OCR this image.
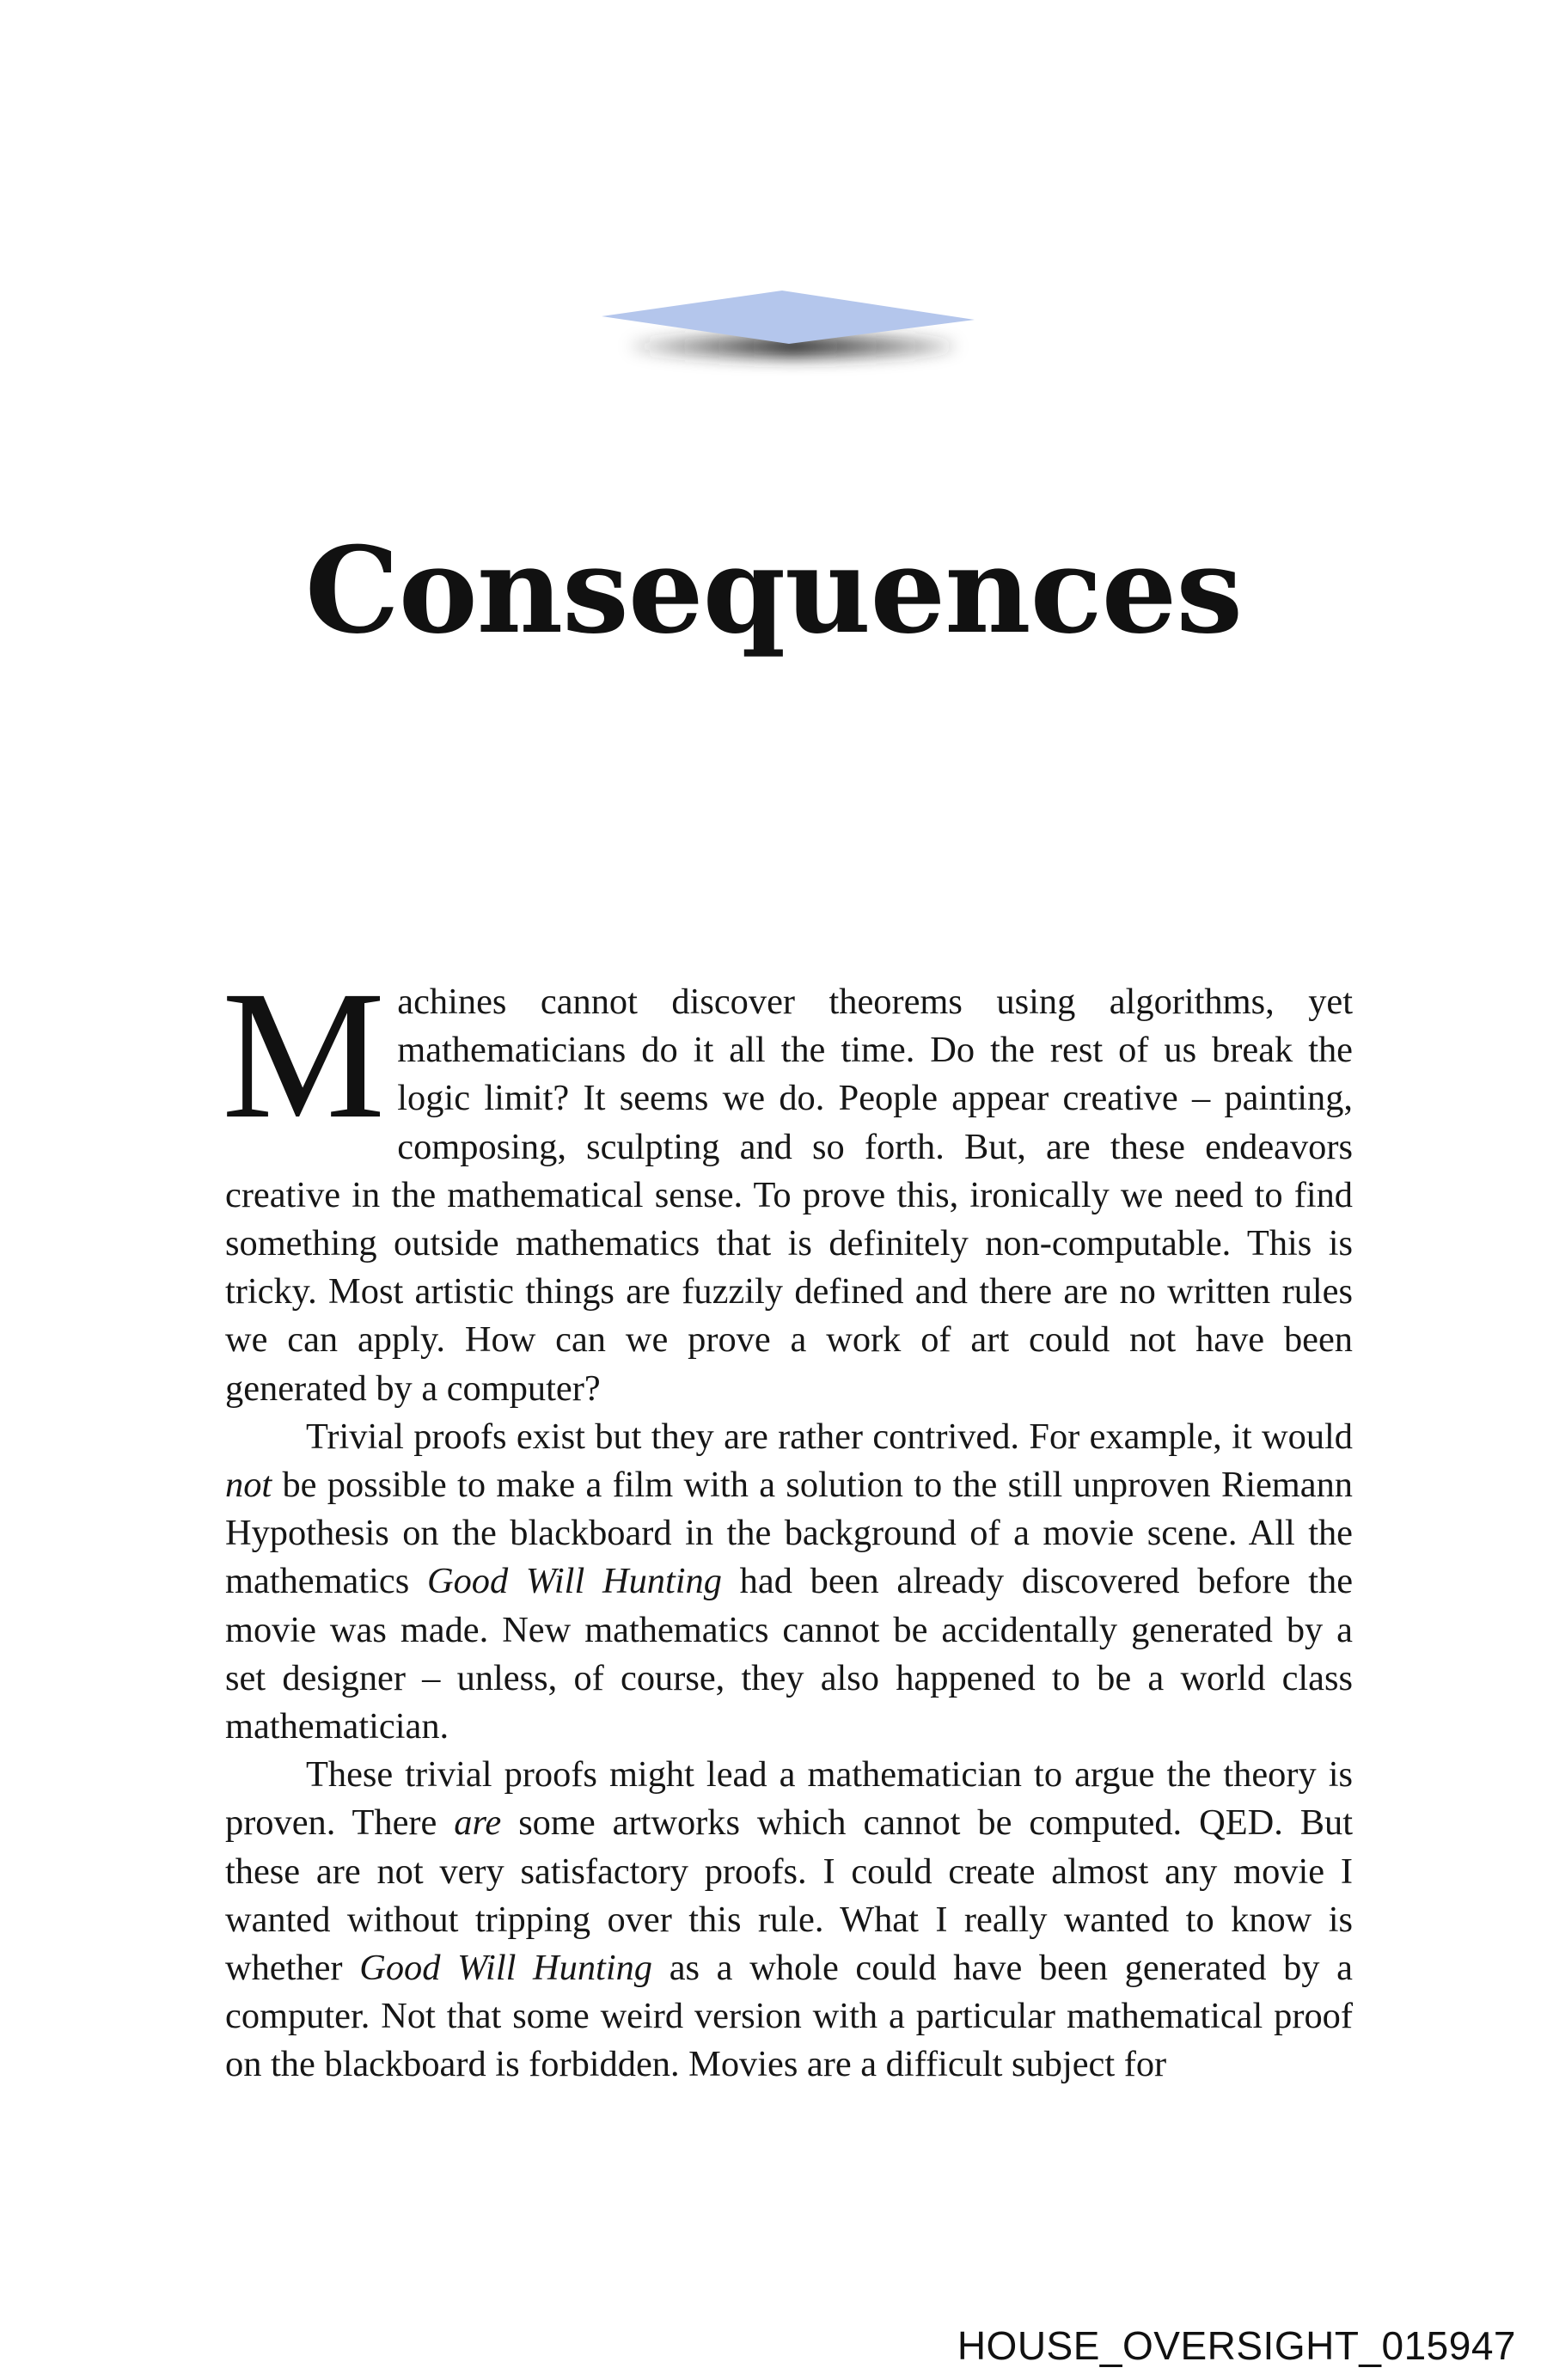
Consequences

Machines cannot discover theorems using algorithms, yet mathematicians do it all the time. Do the rest of us break the logic limit? It seems we do. People appear creative – painting, composing, sculpting and so forth. But, are these endeavors creative in the mathematical sense. To prove this, ironically we need to find something outside mathematics that is definitely non-computable. This is tricky. Most artistic things are fuzzily defined and there are no written rules we can apply. How can we prove a work of art could not have been generated by a computer?

Trivial proofs exist but they are rather contrived. For example, it would not be possible to make a film with a solution to the still unproven Riemann Hypothesis on the blackboard in the background of a movie scene. All the mathematics Good Will Hunting had been already discovered before the movie was made. New mathematics cannot be accidentally generated by a set designer – unless, of course, they also happened to be a world class mathematician.

These trivial proofs might lead a mathematician to argue the theory is proven. There are some artworks which cannot be computed. QED. But these are not very satisfactory proofs. I could create almost any movie I wanted without tripping over this rule. What I really wanted to know is whether Good Will Hunting as a whole could have been generated by a computer. Not that some weird version with a particular mathematical proof on the blackboard is forbidden. Movies are a difficult subject for

HOUSE_OVERSIGHT_015947
